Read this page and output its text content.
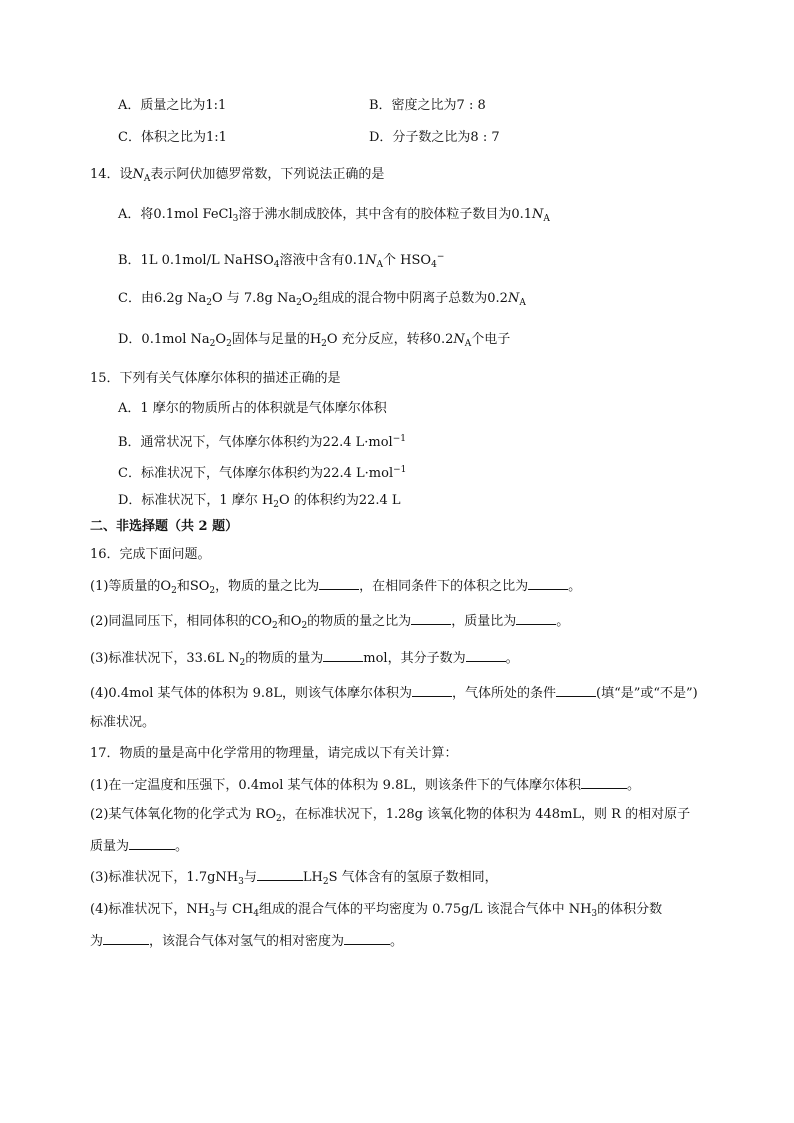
A．质量之比为1:1	B．密度之比为7 : 8
C．体积之比为1:1	D．分子数之比为8 : 7
14．设$N_A$表示阿伏加德罗常数，下列说法正确的是
A．将0.1mol FeCl$_3$溶于沸水制成胶体，其中含有的胶体粒子数目为$0.1N_A$
B．1L 0.1mol/L NaHSO$_4$溶液中含有$0.1N_A$个 $HSO_4^-$
C．由6.2g $Na_2O$ 与 7.8g $Na_2O_2$组成的混合物中阴离子总数为$0.2N_A$
D．0.1mol $Na_2O_2$固体与足量的$H_2O$ 充分反应，转移$0.2N_A$个电子
15．下列有关气体摩尔体积的描述正确的是
A．1 摩尔的物质所占的体积就是气体摩尔体积
B．通常状况下，气体摩尔体积约为22.4 L·mol$^{-1}$
C．标准状况下，气体摩尔体积约为22.4 L·mol$^{-1}$
D．标准状况下，1 摩尔 $H_2O$ 的体积约为22.4 L
二、非选择题（共 2 题）
16．完成下面问题。
(1)等质量的$O_2$和$SO_2$，物质的量之比为	，在相同条件下的体积之比为	。
(2)同温同压下，相同体积的$CO_2$和$O_2$的物质的量之比为	，质量比为	。
(3)标准状况下，33.6L $N_2$的物质的量为	mol，其分子数为	。
(4)0.4mol 某气体的体积为 9.8L，则该气体摩尔体积为	，气体所处的条件	(填“是”或“不是”)
标准状况。
17．物质的量是高中化学常用的物理量，请完成以下有关计算：
(1)在一定温度和压强下，0.4mol 某气体的体积为 9.8L，则该条件下的气体摩尔体积	。
(2)某气体氧化物的化学式为 $RO_2$，在标准状况下，1.28g 该氧化物的体积为 448mL，则 R 的相对原子
质量为	。
(3)标准状况下，1.7gNH$_3$与	$LH_2S$ 气体含有的氢原子数相同，
(4)标准状况下，$NH_3$与 $CH_4$组成的混合气体的平均密度为 0.75g/L 该混合气体中 $NH_3$的体积分数
为	，该混合气体对氢气的相对密度为	。
